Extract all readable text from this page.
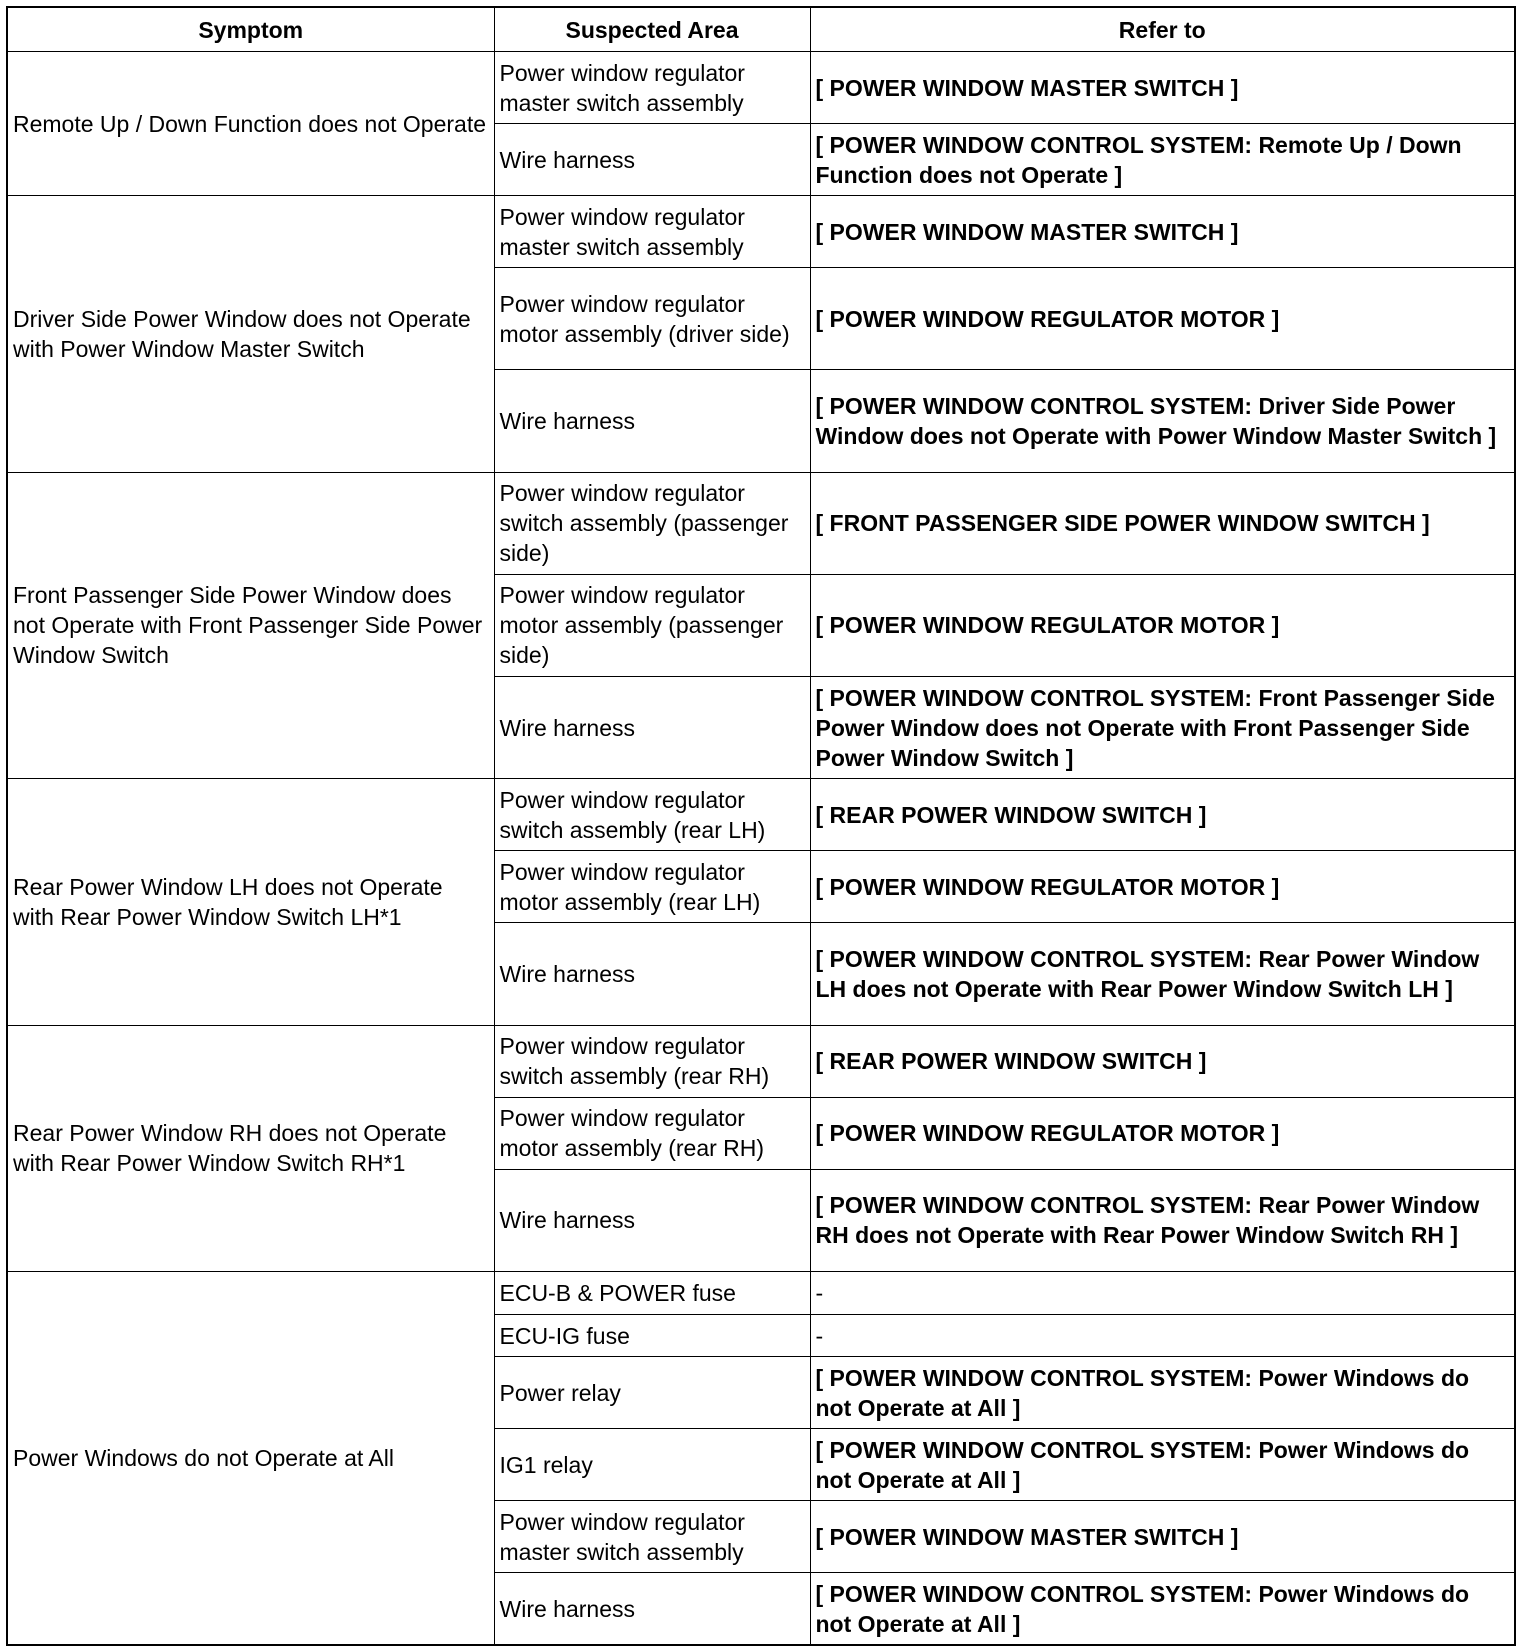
Symptom	Suspected Area	Refer to
Remote Up / Down Function does not Operate	Power window regulator master switch assembly	[ POWER WINDOW MASTER SWITCH ]
	Wire harness	[ POWER WINDOW CONTROL SYSTEM: Remote Up / Down Function does not Operate ]
Driver Side Power Window does not Operate with Power Window Master Switch	Power window regulator master switch assembly	[ POWER WINDOW MASTER SWITCH ]
	Power window regulator motor assembly (driver side)	[ POWER WINDOW REGULATOR MOTOR ]
	Wire harness	[ POWER WINDOW CONTROL SYSTEM: Driver Side Power Window does not Operate with Power Window Master Switch ]
Front Passenger Side Power Window does not Operate with Front Passenger Side Power Window Switch	Power window regulator switch assembly (passenger side)	[ FRONT PASSENGER SIDE POWER WINDOW SWITCH ]
	Power window regulator motor assembly (passenger side)	[ POWER WINDOW REGULATOR MOTOR ]
	Wire harness	[ POWER WINDOW CONTROL SYSTEM: Front Passenger Side Power Window does not Operate with Front Passenger Side Power Window Switch ]
Rear Power Window LH does not Operate with Rear Power Window Switch LH*1	Power window regulator switch assembly (rear LH)	[ REAR POWER WINDOW SWITCH ]
	Power window regulator motor assembly (rear LH)	[ POWER WINDOW REGULATOR MOTOR ]
	Wire harness	[ POWER WINDOW CONTROL SYSTEM: Rear Power Window LH does not Operate with Rear Power Window Switch LH ]
Rear Power Window RH does not Operate with Rear Power Window Switch RH*1	Power window regulator switch assembly (rear RH)	[ REAR POWER WINDOW SWITCH ]
	Power window regulator motor assembly (rear RH)	[ POWER WINDOW REGULATOR MOTOR ]
	Wire harness	[ POWER WINDOW CONTROL SYSTEM: Rear Power Window RH does not Operate with Rear Power Window Switch RH ]
Power Windows do not Operate at All	ECU-B & POWER fuse	-
	ECU-IG fuse	-
	Power relay	[ POWER WINDOW CONTROL SYSTEM: Power Windows do not Operate at All ]
	IG1 relay	[ POWER WINDOW CONTROL SYSTEM: Power Windows do not Operate at All ]
	Power window regulator master switch assembly	[ POWER WINDOW MASTER SWITCH ]
	Wire harness	[ POWER WINDOW CONTROL SYSTEM: Power Windows do not Operate at All ]
